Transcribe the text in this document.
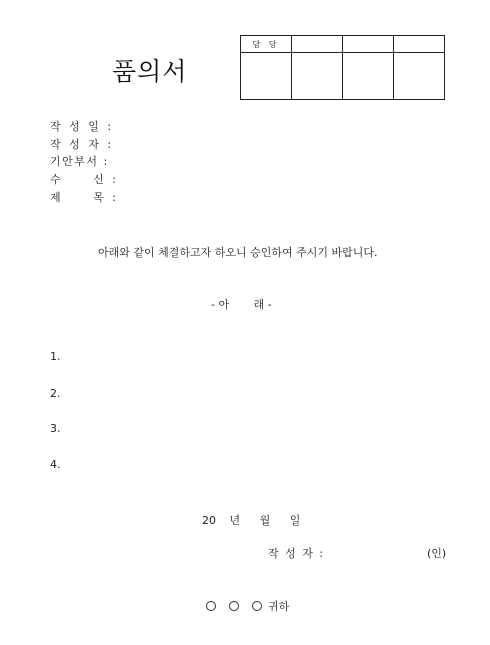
품의서
담 당			

작 성 일 :
작 성 자 :
기안부서 :
수     신 :
제     목 :
아래와 같이 체결하고자 하오니 승인하여 주시기 바랍니다.
- 아       래 -
1.
2.
3.
4.
20 년 월 일
작 성 자 :	(인)
귀하
